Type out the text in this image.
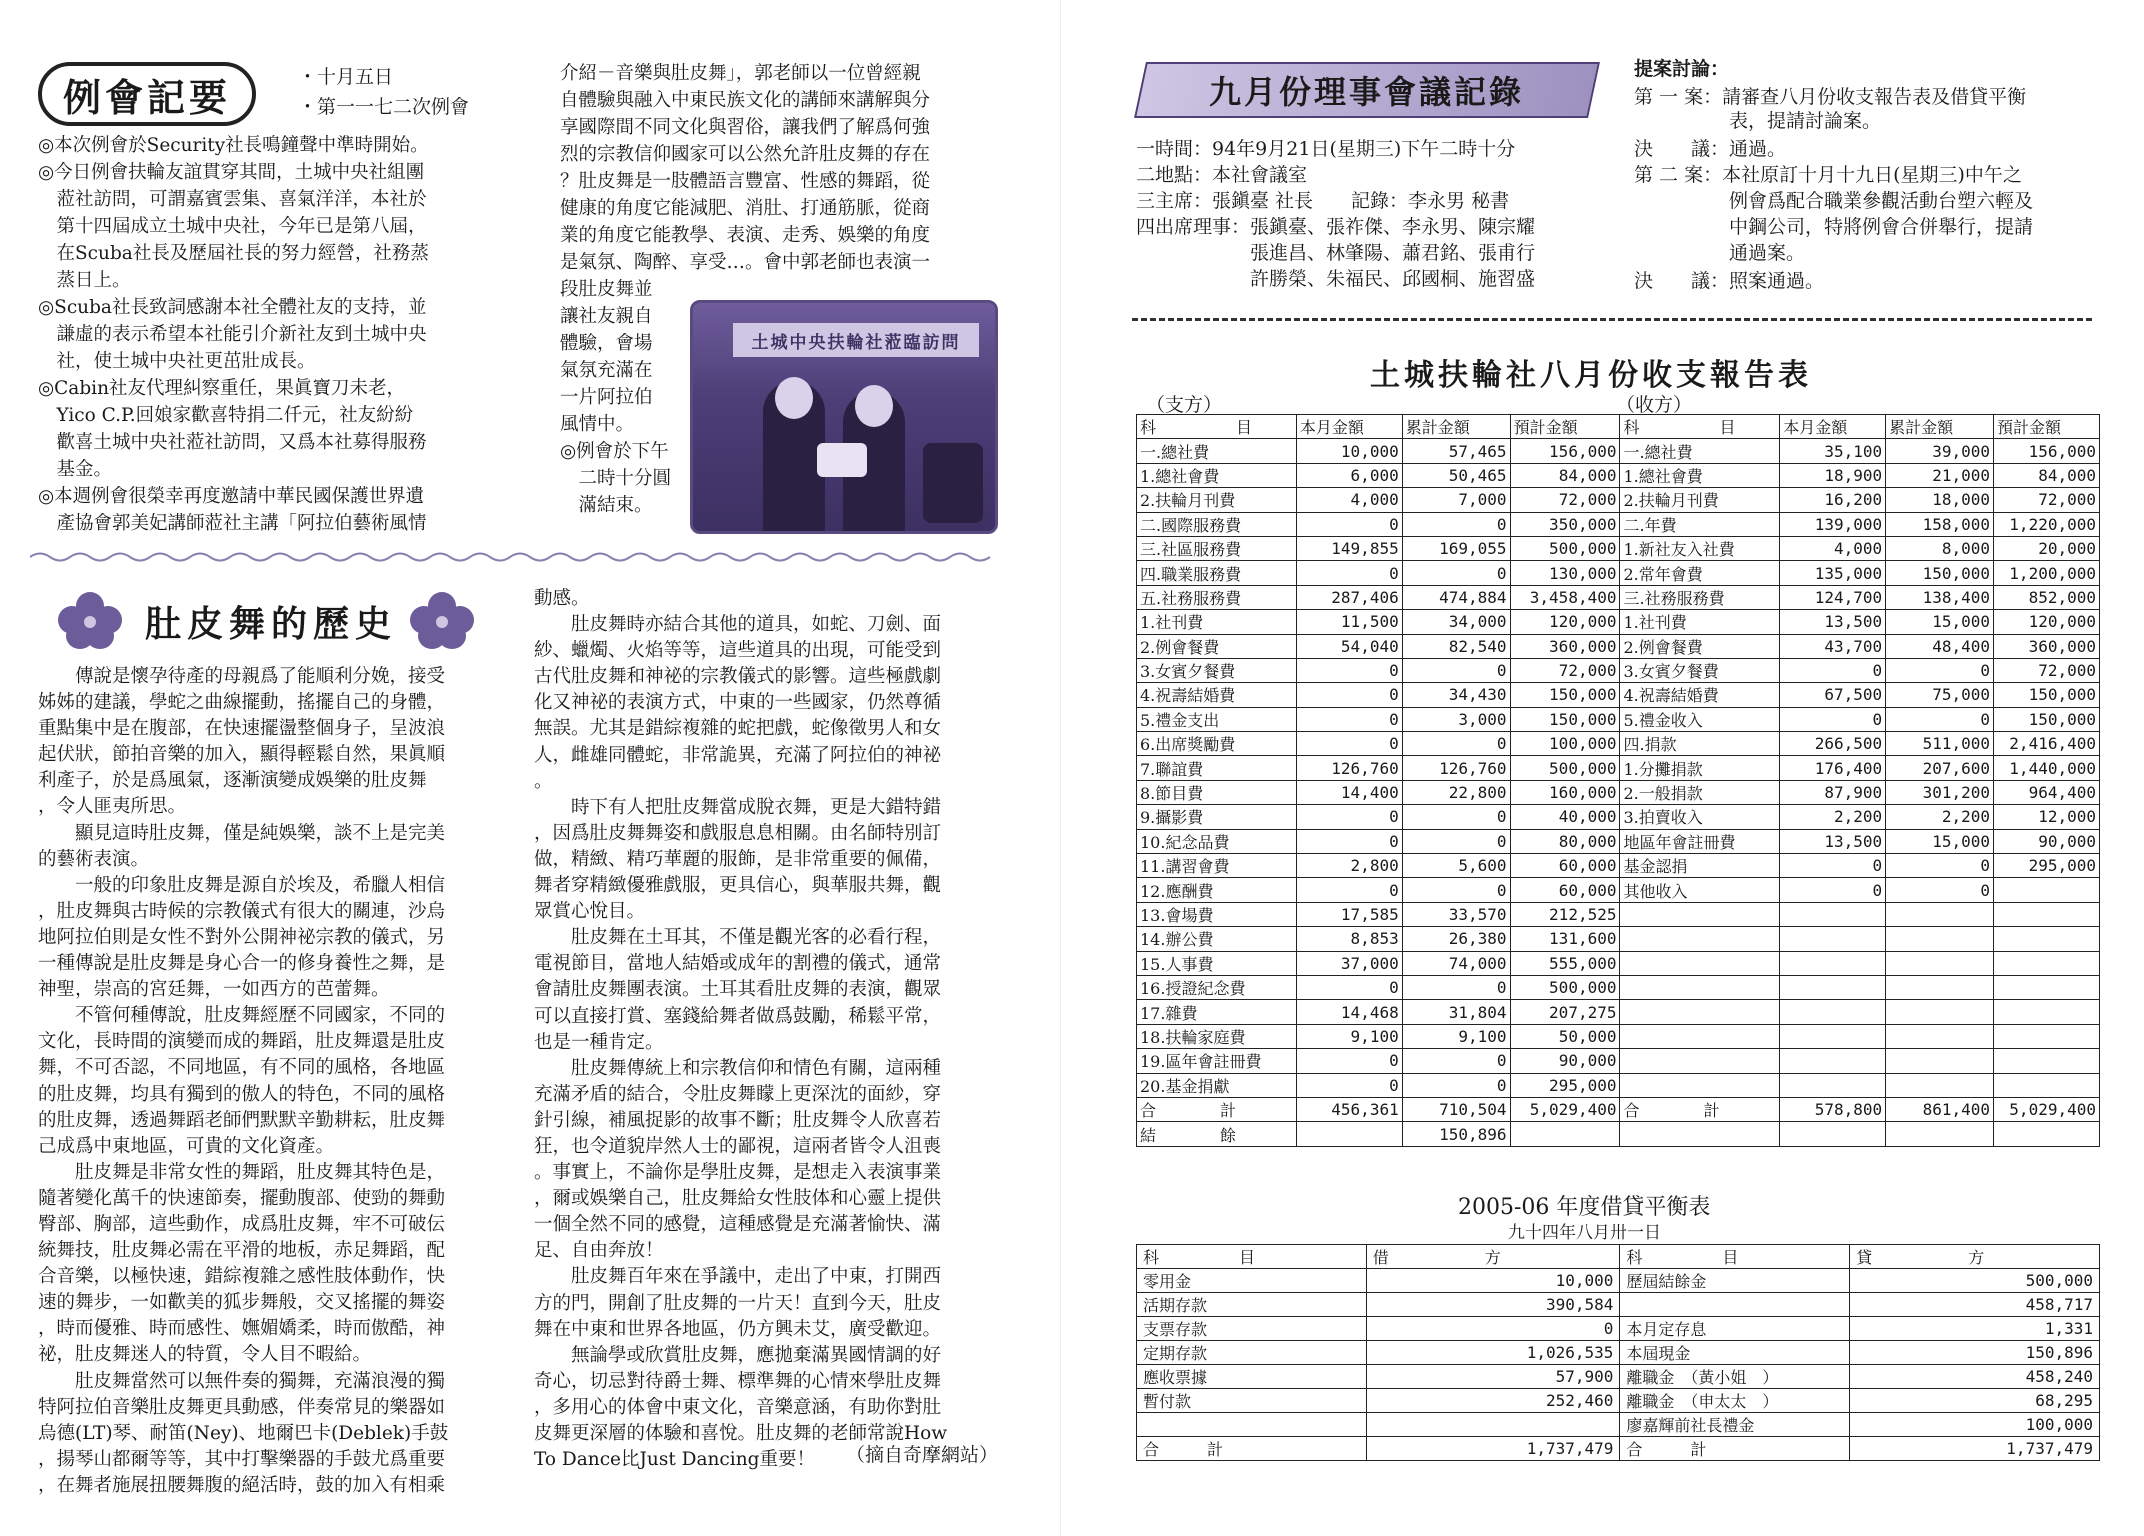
例會記要	・十月五日
・第一一七二次例會
◎本次例會於Security社長鳴鐘聲中準時開始。
◎今日例會扶輪友誼貫穿其間，土城中央社組團
　蒞社訪問，可謂嘉賓雲集、喜氣洋洋，本社於
　第十四屆成立土城中央社，今年已是第八屆，
　在Scuba社長及歷屆社長的努力經營，社務蒸
　蒸日上。
◎Scuba社長致詞感謝本社全體社友的支持，並
　謙虛的表示希望本社能引介新社友到土城中央
　社，使土城中央社更茁壯成長。
◎Cabin社友代理糾察重任，果眞寶刀未老，
　Yico C.P.回娘家歡喜特捐二仟元，社友紛紛
　歡喜土城中央社蒞社訪問，又爲本社募得服務
　基金。
◎本週例會很榮幸再度邀請中華民國保護世界遺
　產協會郭美妃講師蒞社主講「阿拉伯藝術風情
介紹－音樂與肚皮舞」，郭老師以一位曾經親
自體驗與融入中東民族文化的講師來講解與分
享國際間不同文化與習俗，讓我們了解爲何強
烈的宗教信仰國家可以公然允許肚皮舞的存在
？肚皮舞是一肢體語言豐富、性感的舞蹈，從
健康的角度它能減肥、消肚、打通筋脈，從商
業的角度它能教學、表演、走秀、娛樂的角度
是氣氛、陶醉、享受…。會中郭老師也表演一
段肚皮舞並
讓社友親自
體驗，會場
氣氛充滿在
一片阿拉伯
風情中。
◎例會於下午
　二時十分圓
　滿結束。
土城中央扶輪社蒞臨訪問
肚皮舞的歷史
　　傳說是懷孕待產的母親爲了能順利分娩，接受
姊姊的建議，學蛇之曲線擺動，搖擺自己的身體，
重點集中是在腹部，在快速擺盪整個身子，呈波浪
起伏狀，節拍音樂的加入，顯得輕鬆自然，果眞順
利產子，於是爲風氣，逐漸演變成娛樂的肚皮舞
，令人匪夷所思。
　　顯見這時肚皮舞，僅是純娛樂，談不上是完美
的藝術表演。
　　一般的印象肚皮舞是源自於埃及，希臘人相信
，肚皮舞與古時候的宗教儀式有很大的關連，沙烏
地阿拉伯則是女性不對外公開神祕宗教的儀式，另
一種傳說是肚皮舞是身心合一的修身養性之舞，是
神聖，崇高的宮廷舞，一如西方的芭蕾舞。
　　不管何種傳說，肚皮舞經歷不同國家，不同的
文化，長時間的演變而成的舞蹈，肚皮舞還是肚皮
舞，不可否認，不同地區，有不同的風格，各地區
的肚皮舞，均具有獨到的傲人的特色，不同的風格
的肚皮舞，透過舞蹈老師們默默辛勤耕耘，肚皮舞
己成爲中東地區，可貴的文化資產。
　　肚皮舞是非常女性的舞蹈，肚皮舞其特色是，
隨著變化萬千的快速節奏，擺動腹部、使勁的舞動
臀部、胸部，這些動作，成爲肚皮舞，牢不可破伝
統舞技，肚皮舞必需在平滑的地板，赤足舞蹈，配
合音樂，以極快速，錯綜複雜之感性肢体動作，快
速的舞步，一如歡美的狐步舞般，交叉搖擺的舞姿
，時而優雅、時而感性、嫵媚嬌柔，時而傲酷，神
祕，肚皮舞迷人的特質，令人目不暇給。
　　肚皮舞當然可以無件奏的獨舞，充滿浪漫的獨
特阿拉伯音樂肚皮舞更具動感，伴奏常見的樂器如
烏德(LT)琴、耐笛(Ney)、地爾巴卡(Deblek)手鼓
，揚琴山都爾等等，其中打擊樂器的手鼓尤爲重要
，在舞者施展扭腰舞腹的絕活時，鼓的加入有相乘
動感。
　　肚皮舞時亦結合其他的道具，如蛇、刀劍、面
紗、蠟燭、火焰等等，這些道具的出現，可能受到
古代肚皮舞和神祕的宗教儀式的影響。這些極戲劇
化又神祕的表演方式，中東的一些國家，仍然尊循
無誤。尤其是錯綜複雜的蛇把戲，蛇像徵男人和女
人，雌雄同體蛇，非常詭異，充滿了阿拉伯的神祕
。
　　時下有人把肚皮舞當成脫衣舞，更是大錯特錯
，因爲肚皮舞舞姿和戲服息息相關。由名師特別訂
做，精緻、精巧華麗的服飾，是非常重要的佩備，
舞者穿精緻優雅戲服，更具信心，與華服共舞，觀
眾賞心悅目。
　　肚皮舞在土耳其，不僅是觀光客的必看行程，
電視節目，當地人結婚或成年的割禮的儀式，通常
會請肚皮舞團表演。土耳其看肚皮舞的表演，觀眾
可以直接打賞、塞錢給舞者做爲鼓勵，稀鬆平常，
也是一種肯定。
　　肚皮舞傳統上和宗教信仰和情色有關，這兩種
充滿矛盾的結合，令肚皮舞矇上更深沈的面紗，穿
針引線，補風捉影的故事不斷；肚皮舞令人欣喜若
狂，也令道貌岸然人士的鄙視，這兩者皆令人沮喪
。事實上，不論你是學肚皮舞，是想走入表演事業
，爾或娛樂自己，肚皮舞給女性肢体和心靈上提供
一個全然不同的感覺，這種感覺是充滿著愉快、滿
足、自由奔放！
　　肚皮舞百年來在爭議中，走出了中東，打開西
方的門，開創了肚皮舞的一片天！直到今天，肚皮
舞在中東和世界各地區，仍方興未艾，廣受歡迎。
　　無論學或欣賞肚皮舞，應拋棄滿異國情調的好
奇心，切忌對待爵士舞、標準舞的心情來學肚皮舞
，多用心的体會中東文化，音樂意涵，有助你對肚
皮舞更深層的体驗和喜悅。肚皮舞的老師常說How
To Dance比Just Dancing重要！	（摘自奇摩網站）
九月份理事會議記錄
一時間：94年9月21日(星期三)下午二時十分
二地點：本社會議室
三主席：張鎭臺 社長　　記錄：李永男 秘書
四出席理事：張鎭臺、張祚傑、李永男、陳宗耀
　　　　　　張進昌、林肇陽、蕭君銘、張甫行
　　　　　　許勝榮、朱福民、邱國桐、施習盛
提案討論：
第 一 案：請審查八月份收支報告表及借貸平衡
　　　　　表，提請討論案。
決　　議：通過。
第 二 案：本社原訂十月十九日(星期三)中午之
　　　　　例會爲配合職業參觀活動台塑六輕及
　　　　　中鋼公司，特將例會合併舉行，提請
　　　　　通過案。
決　　議：照案通過。
土城扶輪社八月份收支報告表
（支方）	（收方）
科　　　　　目	本月金額	累計金額	預計金額	科　　　　　目	本月金額	累計金額	預計金額
一.總社費	10,000	57,465	156,000	一.總社費	35,100	39,000	156,000
1.總社會費	6,000	50,465	84,000	1.總社會費	18,900	21,000	84,000
2.扶輪月刊費	4,000	7,000	72,000	2.扶輪月刊費	16,200	18,000	72,000
二.國際服務費	0	0	350,000	二.年費	139,000	158,000	1,220,000
三.社區服務費	149,855	169,055	500,000	1.新社友入社費	4,000	8,000	20,000
四.職業服務費	0	0	130,000	2.常年會費	135,000	150,000	1,200,000
五.社務服務費	287,406	474,884	3,458,400	三.社務服務費	124,700	138,400	852,000
1.社刊費	11,500	34,000	120,000	1.社刊費	13,500	15,000	120,000
2.例會餐費	54,040	82,540	360,000	2.例會餐費	43,700	48,400	360,000
3.女賓夕餐費	0	0	72,000	3.女賓夕餐費	0	0	72,000
4.祝壽結婚費	0	34,430	150,000	4.祝壽結婚費	67,500	75,000	150,000
5.禮金支出	0	3,000	150,000	5.禮金收入	0	0	150,000
6.出席獎勵費	0	0	100,000	四.捐款	266,500	511,000	2,416,400
7.聯誼費	126,760	126,760	500,000	1.分攤捐款	176,400	207,600	1,440,000
8.節目費	14,400	22,800	160,000	2.一般捐款	87,900	301,200	964,400
9.攝影費	0	0	40,000	3.拍賣收入	2,200	2,200	12,000
10.紀念品費	0	0	80,000	地區年會註冊費	13,500	15,000	90,000
11.講習會費	2,800	5,600	60,000	基金認捐	0	0	295,000
12.應酬費	0	0	60,000	其他收入	0	0	
13.會場費	17,585	33,570	212,525				
14.辦公費	8,853	26,380	131,600				
15.人事費	37,000	74,000	555,000				
16.授證紀念費	0	0	500,000				
17.雜費	14,468	31,804	207,275				
18.扶輪家庭費	9,100	9,100	50,000				
19.區年會註冊費	0	0	90,000				
20.基金捐獻	0	0	295,000				
合　　　　計	456,361	710,504	5,029,400	合　　　　計	578,800	861,400	5,029,400
結　　　　餘		150,896					
2005-06 年度借貸平衡表
九十四年八月卅一日
科　　　　　目	借　　　　　　方	科　　　　　目	貸　　　　　　方
零用金	10,000	歷屆結餘金	500,000
活期存款	390,584		458,717
支票存款	0	本月定存息	1,331
定期存款	1,026,535	本屆現金	150,896
應收票據	57,900	離職金　（黃小姐　）	458,240
暫付款	252,460	離職金　（申太太　）	68,295
		廖嘉輝前社長禮金	100,000
合　　　計	1,737,479	合　　　計	1,737,479
